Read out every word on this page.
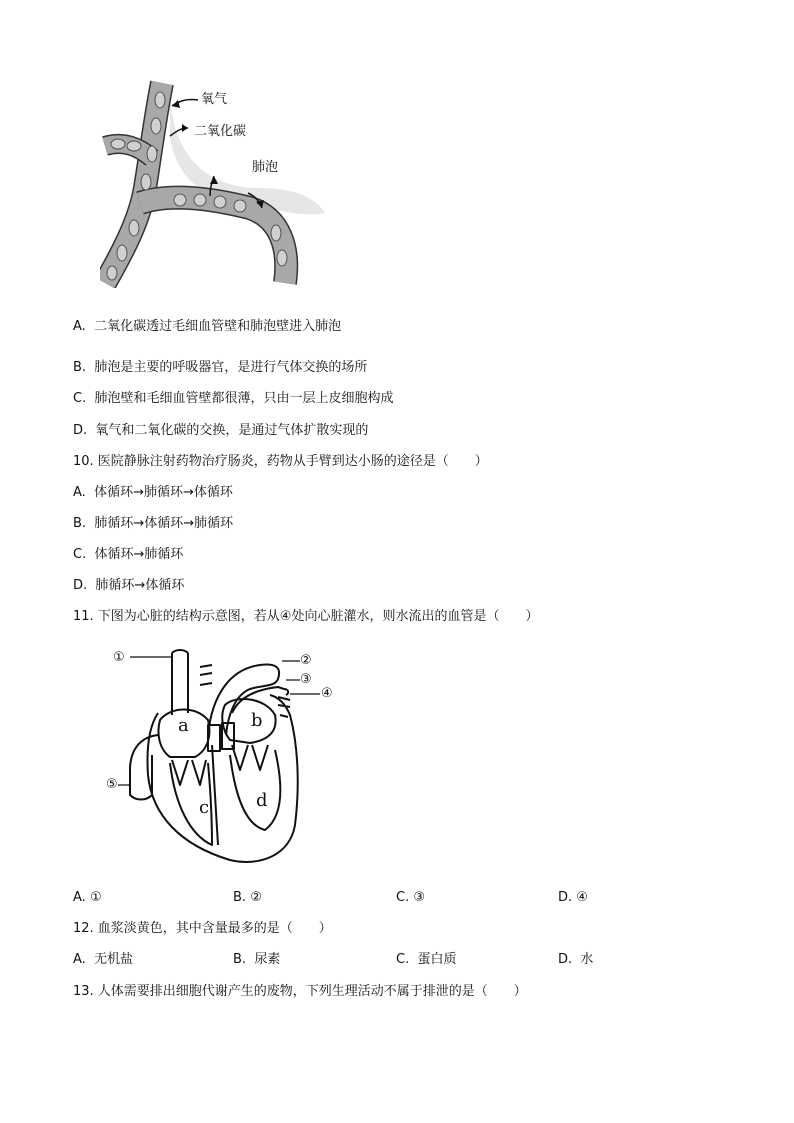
氧气
二氧化碳
肺泡
A. 二氧化碳透过毛细血管壁和肺泡壁进入肺泡
B. 肺泡是主要的呼吸器官，是进行气体交换的场所
C. 肺泡壁和毛细血管壁都很薄，只由一层上皮细胞构成
D. 氧气和二氧化碳的交换，是通过气体扩散实现的
10. 医院静脉注射药物治疗肠炎，药物从手臂到达小肠的途径是（　　）
A. 体循环→肺循环→体循环
B. 肺循环→体循环→肺循环
C. 体循环→肺循环
D. 肺循环→体循环
11. 下图为心脏的结构示意图，若从④处向心脏灌水，则水流出的血管是（　　）
①	②
③
④
⑤
a	b
c	d
A. ①	B. ②	C. ③	D. ④
12. 血浆淡黄色，其中含量最多的是（　　）
A. 无机盐	B. 尿素	C. 蛋白质	D. 水
13. 人体需要排出细胞代谢产生的废物，下列生理活动不属于排泄的是（　　）
